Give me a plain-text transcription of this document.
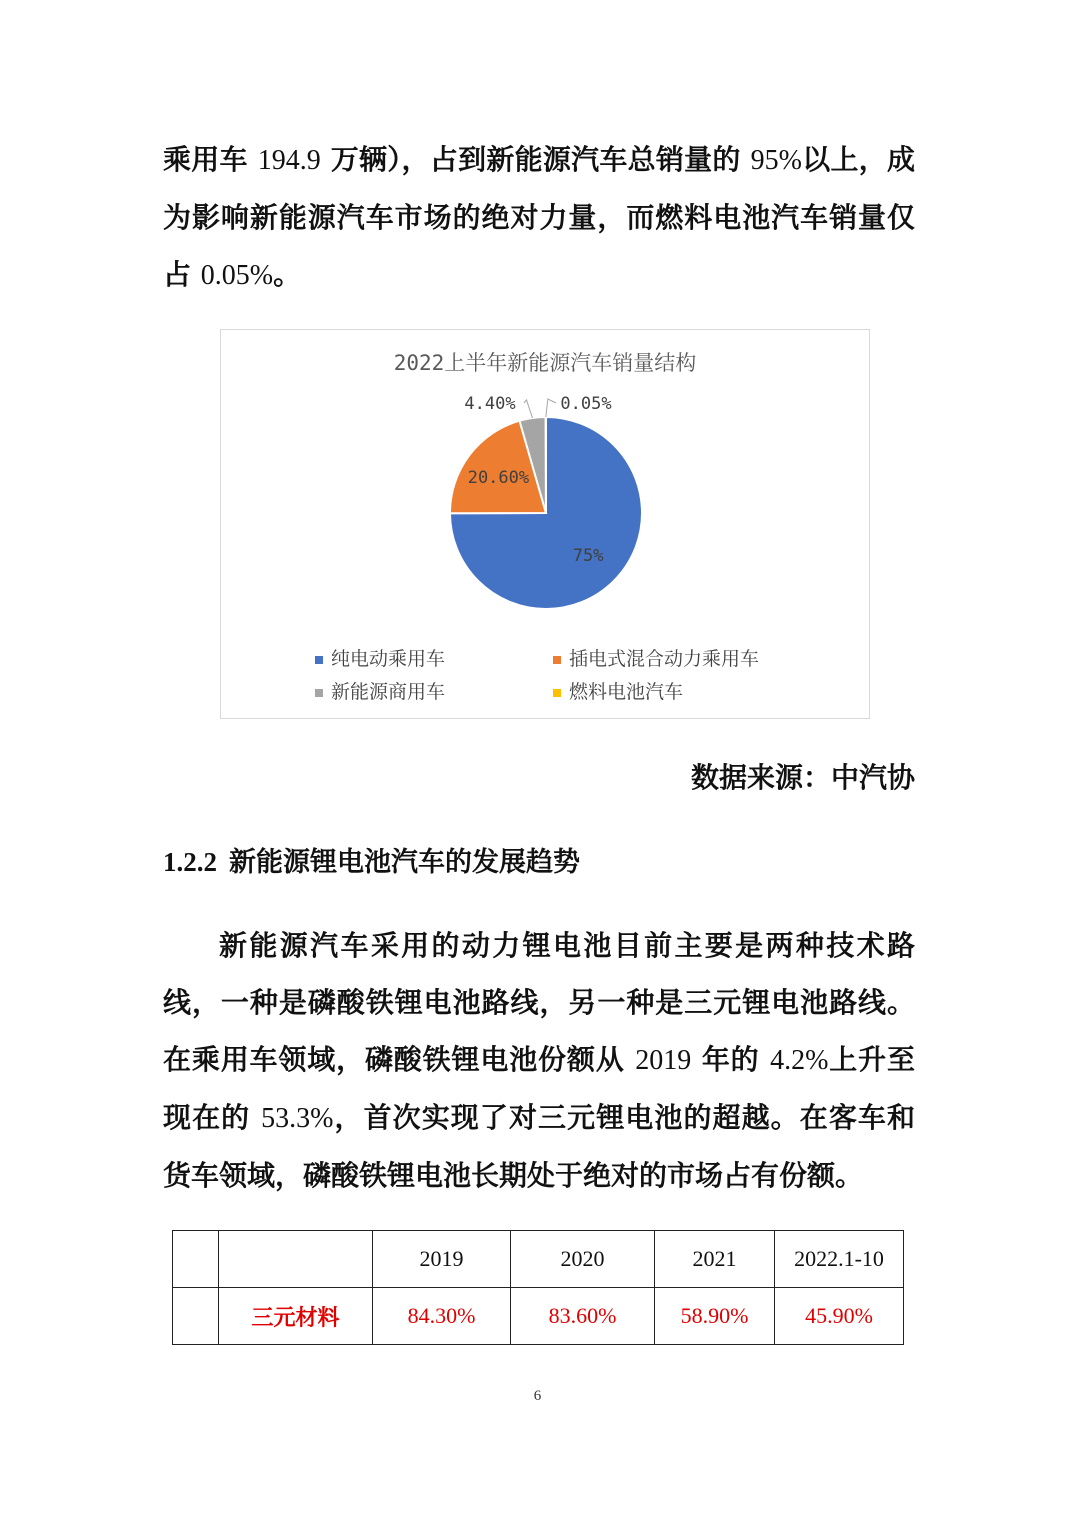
乘用车 194.9 万辆），占到新能源汽车总销量的 95%以上，成为影响新能源汽车市场的绝对力量，而燃料电池汽车销量仅占 0.05%。

2022上半年新能源汽车销量结构
75%
20.60%
4.40%	0.05%
纯电动乘用车	插电式混合动力乘用车
新能源商用车	燃料电池汽车
数据来源：中汽协
1.2.2 新能源锂电池汽车的发展趋势

新能源汽车采用的动力锂电池目前主要是两种技术路线，一种是磷酸铁锂电池路线，另一种是三元锂电池路线。在乘用车领域，磷酸铁锂电池份额从 2019 年的 4.2%上升至现在的 53.3%，首次实现了对三元锂电池的超越。在客车和货车领域，磷酸铁锂电池长期处于绝对的市场占有份额。

		2019	2020	2021	2022.1-10
	三元材料	84.30%	83.60%	58.90%	45.90%
6
